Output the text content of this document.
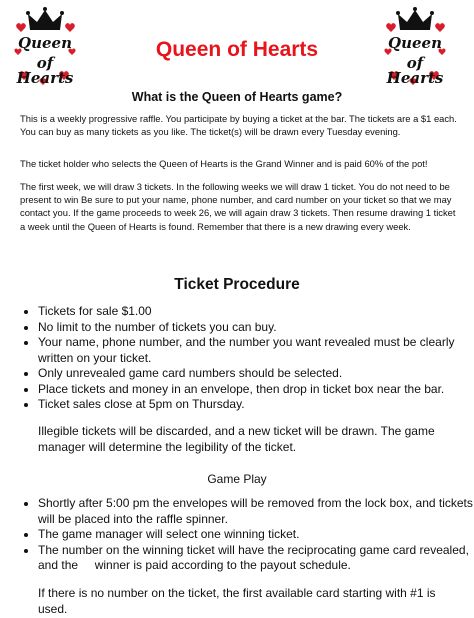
Queen
of Hearts
Queen
of Hearts
Queen of Hearts
What is the Queen of Hearts game?
This is a weekly progressive raffle. You participate by buying a ticket at the bar. The tickets are a $1 each. You can buy as many tickets as you like. The ticket(s) will be drawn every Tuesday evening.
The ticket holder who selects the Queen of Hearts is the Grand Winner and is paid 60% of the pot!
The first week, we will draw 3 tickets. In the following weeks we will draw 1 ticket. You do not need to be present to win Be sure to put your name, phone number, and card number on your ticket so that we may contact you. If the game proceeds to week 26, we will again draw 3 tickets. Then resume drawing 1 ticket a week until the Queen of Hearts is found. Remember that there is a new drawing every week.
Ticket Procedure
• Tickets for sale $1.00
• No limit to the number of tickets you can buy.
• Your name, phone number, and the number you want revealed must be clearly written on your ticket.
• Only unrevealed game card numbers should be selected.
• Place tickets and money in an envelope, then drop in ticket box near the bar.
• Ticket sales close at 5pm on Thursday.
Illegible tickets will be discarded, and a new ticket will be drawn. The game manager will determine the legibility of the ticket.
Game Play
• Shortly after 5:00 pm the envelopes will be removed from the lock box, and tickets will be placed into the raffle spinner.
• The game manager will select one winning ticket.
• The number on the winning ticket will have the reciprocating game card revealed, and the     winner is paid according to the payout schedule.
If there is no number on the ticket, the first available card starting with #1 is used.
